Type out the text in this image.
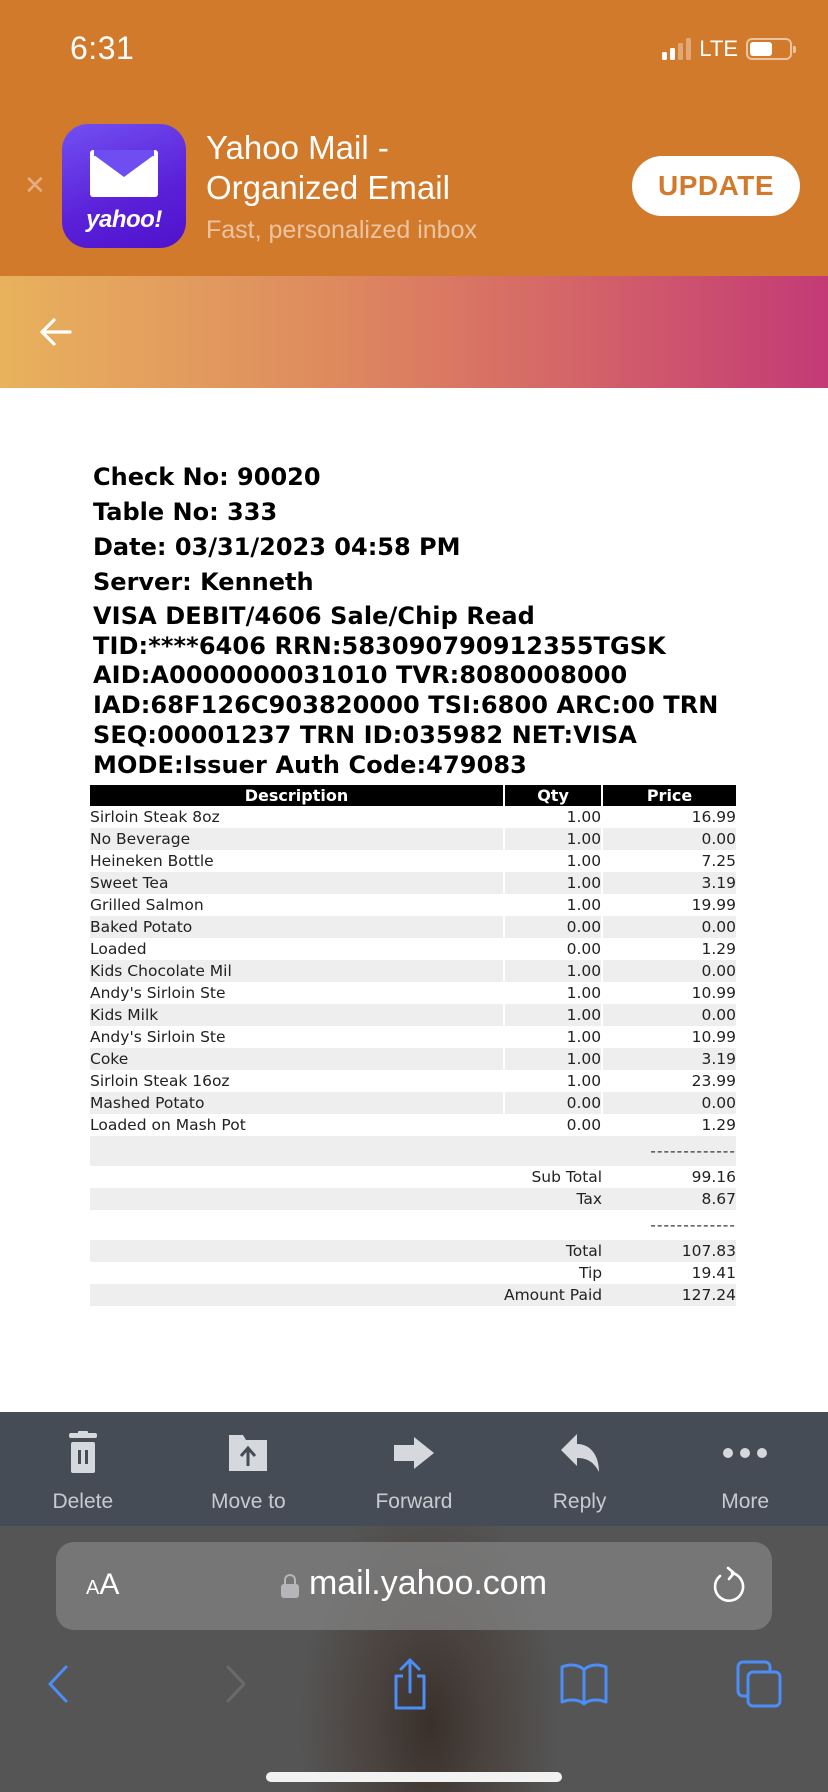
6:31	LTE
✕
yahoo!
Yahoo Mail - Organized Email
Fast, personalized inbox
UPDATE
Check No: 90020
Table No: 333
Date: 03/31/2023 04:58 PM
Server: Kenneth
VISA DEBIT/4606 Sale/Chip Read
TID:****6406 RRN:583090790912355TGSK
AID:A0000000031010 TVR:8080008000
IAD:68F126C903820000 TSI:6800 ARC:00 TRN
SEQ:00001237 TRN ID:035982 NET:VISA
MODE:Issuer Auth Code:479083
Description	Qty	Price
Sirloin Steak 8oz	1.00	16.99
No Beverage	1.00	0.00
Heineken Bottle	1.00	7.25
Sweet Tea	1.00	3.19
Grilled Salmon	1.00	19.99
Baked Potato	0.00	0.00
Loaded	0.00	1.29
Kids Chocolate Mil	1.00	0.00
Andy's Sirloin Ste	1.00	10.99
Kids Milk	1.00	0.00
Andy's Sirloin Ste	1.00	10.99
Coke	1.00	3.19
Sirloin Steak 16oz	1.00	23.99
Mashed Potato	0.00	0.00
Loaded on Mash Pot	0.00	1.29
		-------------
	Sub Total	99.16
	Tax	8.67
		-------------
	Total	107.83
	Tip	19.41
	Amount Paid	127.24
Delete	Move to	Forward	Reply	More
AA	mail.yahoo.com
